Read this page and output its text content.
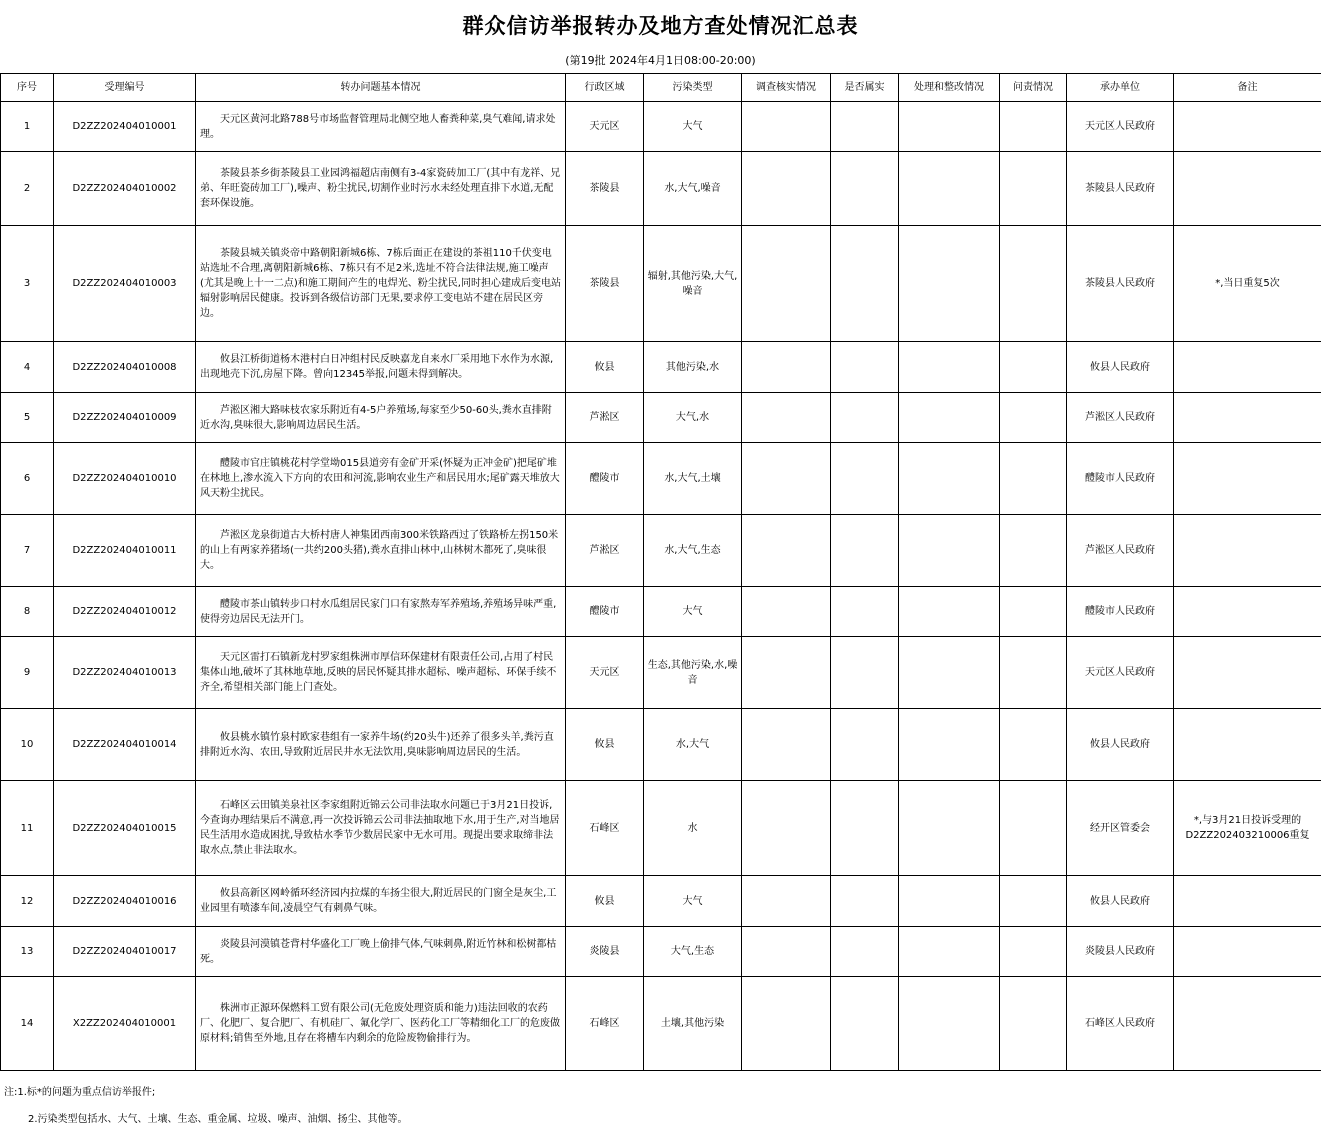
群众信访举报转办及地方查处情况汇总表
(第19批 2024年4月1日08:00-20:00)
序号	受理编号	转办问题基本情况	行政区域	污染类型	调查核实情况	是否属实	处理和整改情况	问责情况	承办单位	备注
1	D2ZZ202404010001	天元区黄河北路788号市场监督管理局北侧空地人畜粪种菜,臭气难闻,请求处理。	天元区	大气					天元区人民政府	
2	D2ZZ202404010002	茶陵县茶乡街茶陵县工业园鸿福超店南侧有3-4家瓷砖加工厂(其中有龙祥、兄弟、年旺瓷砖加工厂),噪声、粉尘扰民,切割作业时污水未经处理直排下水道,无配套环保设施。	茶陵县	水,大气,噪音					茶陵县人民政府	
3	D2ZZ202404010003	茶陵县城关镇炎帝中路朝阳新城6栋、7栋后面正在建设的茶祖110千伏变电站选址不合理,离朝阳新城6栋、7栋只有不足2米,选址不符合法律法规,施工噪声(尤其是晚上十一二点)和施工期间产生的电焊光、粉尘扰民,同时担心建成后变电站辐射影响居民健康。投诉到各级信访部门无果,要求停工变电站不建在居民区旁边。	茶陵县	辐射,其他污染,大气,噪音					茶陵县人民政府	*,当日重复5次
4	D2ZZ202404010008	攸县江桥街道杨木港村白日冲组村民反映嘉龙自来水厂采用地下水作为水源,出现地壳下沉,房屋下降。曾向12345举报,问题未得到解决。	攸县	其他污染,水					攸县人民政府	
5	D2ZZ202404010009	芦淞区湘大路味枝农家乐附近有4-5户养殖场,每家至少50-60头,粪水直排附近水沟,臭味很大,影响周边居民生活。	芦淞区	大气,水					芦淞区人民政府	
6	D2ZZ202404010010	醴陵市官庄镇桃花村学堂坳015县道旁有金矿开采(怀疑为正冲金矿)把尾矿堆在林地上,渗水流入下方向的农田和河流,影响农业生产和居民用水;尾矿露天堆放大风天粉尘扰民。	醴陵市	水,大气,土壤					醴陵市人民政府	
7	D2ZZ202404010011	芦淞区龙泉街道古大桥村唐人神集团西南300米铁路西过了铁路桥左拐150米的山上有两家养猪场(一共约200头猪),粪水直排山林中,山林树木都死了,臭味很大。	芦淞区	水,大气,生态					芦淞区人民政府	
8	D2ZZ202404010012	醴陵市茶山镇转步口村水瓜组居民家门口有家熬寿军养殖场,养殖场异味严重,使得旁边居民无法开门。	醴陵市	大气					醴陵市人民政府	
9	D2ZZ202404010013	天元区雷打石镇新龙村罗家组株洲市厚信环保建材有限责任公司,占用了村民集体山地,破坏了其林地草地,反映的居民怀疑其排水超标、噪声超标、环保手续不齐全,希望相关部门能上门查处。	天元区	生态,其他污染,水,噪音					天元区人民政府	
10	D2ZZ202404010014	攸县桃水镇竹泉村欧家巷组有一家养牛场(约20头牛)还养了很多头羊,粪污直排附近水沟、农田,导致附近居民井水无法饮用,臭味影响周边居民的生活。	攸县	水,大气					攸县人民政府	
11	D2ZZ202404010015	石峰区云田镇美泉社区李家组附近锦云公司非法取水问题已于3月21日投诉,今查询办理结果后不满意,再一次投诉锦云公司非法抽取地下水,用于生产,对当地居民生活用水造成困扰,导致枯水季节少数居民家中无水可用。现提出要求取缔非法取水点,禁止非法取水。	石峰区	水					经开区管委会	*,与3月21日投诉受理的D2ZZ202403210006重复
12	D2ZZ202404010016	攸县高新区网岭循环经济园内拉煤的车扬尘很大,附近居民的门窗全是灰尘,工业园里有喷漆车间,凌晨空气有刺鼻气味。	攸县	大气					攸县人民政府	
13	D2ZZ202404010017	炎陵县河漠镇苍背村华盛化工厂晚上偷排气体,气味刺鼻,附近竹林和松树都枯死。	炎陵县	大气,生态					炎陵县人民政府	
14	X2ZZ202404010001	株洲市正源环保燃料工贸有限公司(无危废处理资质和能力)违法回收的农药厂、化肥厂、复合肥厂、有机硅厂、氟化学厂、医药化工厂等精细化工厂的危废做原材料;销售至外地,且存在将槽车内剩余的危险废物偷排行为。	石峰区	土壤,其他污染					石峰区人民政府	
注:1.标*的问题为重点信访举报件;
2.污染类型包括水、大气、土壤、生态、重金属、垃圾、噪声、油烟、扬尘、其他等。
